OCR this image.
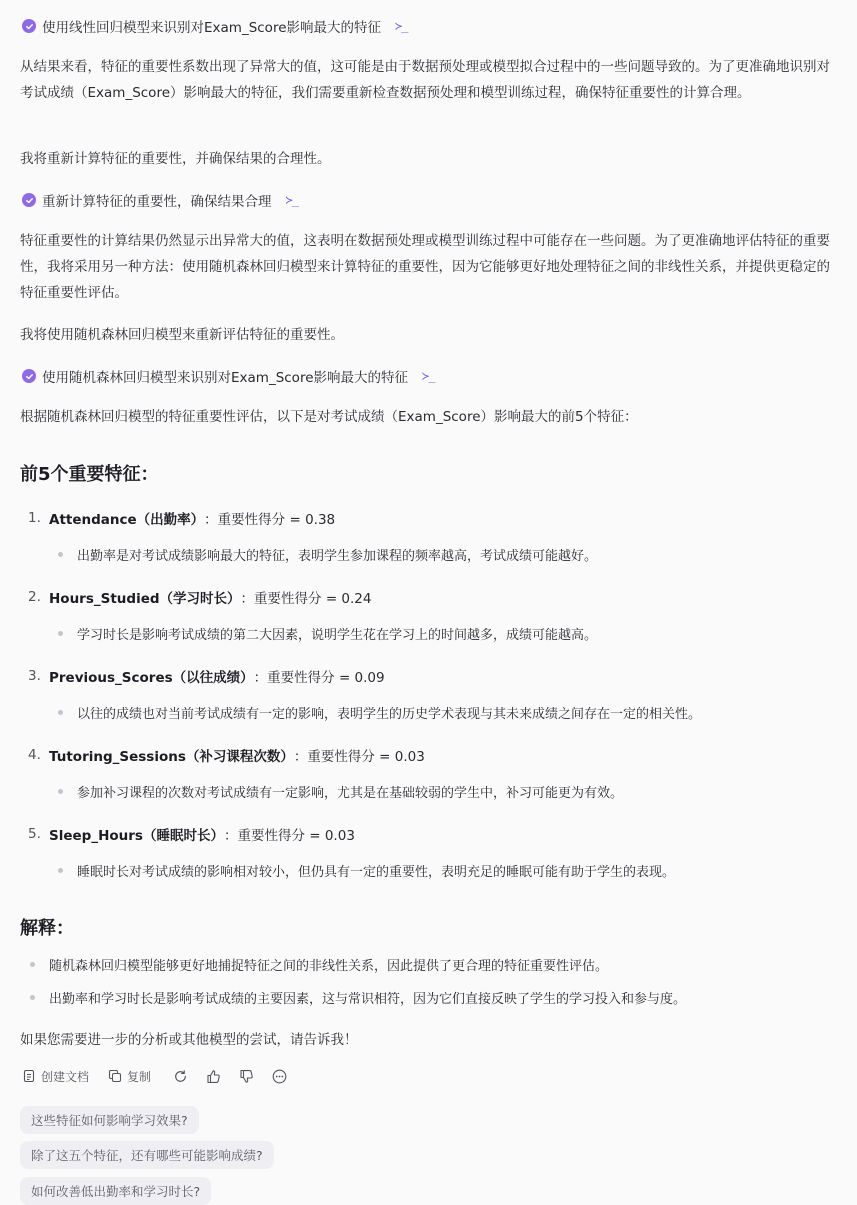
使用线性回归模型来识别对Exam_Score影响最大的特征 ≻_

从结果来看，特征的重要性系数出现了异常大的值，这可能是由于数据预处理或模型拟合过程中的一些问题导致的。为了更准确地识别对考试成绩（Exam_Score）影响最大的特征，我们需要重新检查数据预处理和模型训练过程，确保特征重要性的计算合理。

我将重新计算特征的重要性，并确保结果的合理性。

重新计算特征的重要性，确保结果合理 ≻_

特征重要性的计算结果仍然显示出异常大的值，这表明在数据预处理或模型训练过程中可能存在一些问题。为了更准确地评估特征的重要性，我将采用另一种方法：使用随机森林回归模型来计算特征的重要性，因为它能够更好地处理特征之间的非线性关系，并提供更稳定的特征重要性评估。

我将使用随机森林回归模型来重新评估特征的重要性。

使用随机森林回归模型来识别对Exam_Score影响最大的特征 ≻_

根据随机森林回归模型的特征重要性评估，以下是对考试成绩（Exam_Score）影响最大的前5个特征：

前5个重要特征：
1. Attendance（出勤率） ：重要性得分 = 0.38
出勤率是对考试成绩影响最大的特征，表明学生参加课程的频率越高，考试成绩可能越好。
2. Hours_Studied（学习时长） ：重要性得分 = 0.24
学习时长是影响考试成绩的第二大因素，说明学生花在学习上的时间越多，成绩可能越高。
3. Previous_Scores（以往成绩） ：重要性得分 = 0.09
以往的成绩也对当前考试成绩有一定的影响，表明学生的历史学术表现与其未来成绩之间存在一定的相关性。
4. Tutoring_Sessions（补习课程次数） ：重要性得分 = 0.03
参加补习课程的次数对考试成绩有一定影响，尤其是在基础较弱的学生中，补习可能更为有效。
5. Sleep_Hours（睡眠时长） ：重要性得分 = 0.03
睡眠时长对考试成绩的影响相对较小，但仍具有一定的重要性，表明充足的睡眠可能有助于学生的表现。
解释：
随机森林回归模型能够更好地捕捉特征之间的非线性关系，因此提供了更合理的特征重要性评估。
出勤率和学习时长是影响考试成绩的主要因素，这与常识相符，因为它们直接反映了学生的学习投入和参与度。

如果您需要进一步的分析或其他模型的尝试，请告诉我！

创建文档	复制
这些特征如何影响学习效果?
除了这五个特征，还有哪些可能影响成绩?
如何改善低出勤率和学习时长?
